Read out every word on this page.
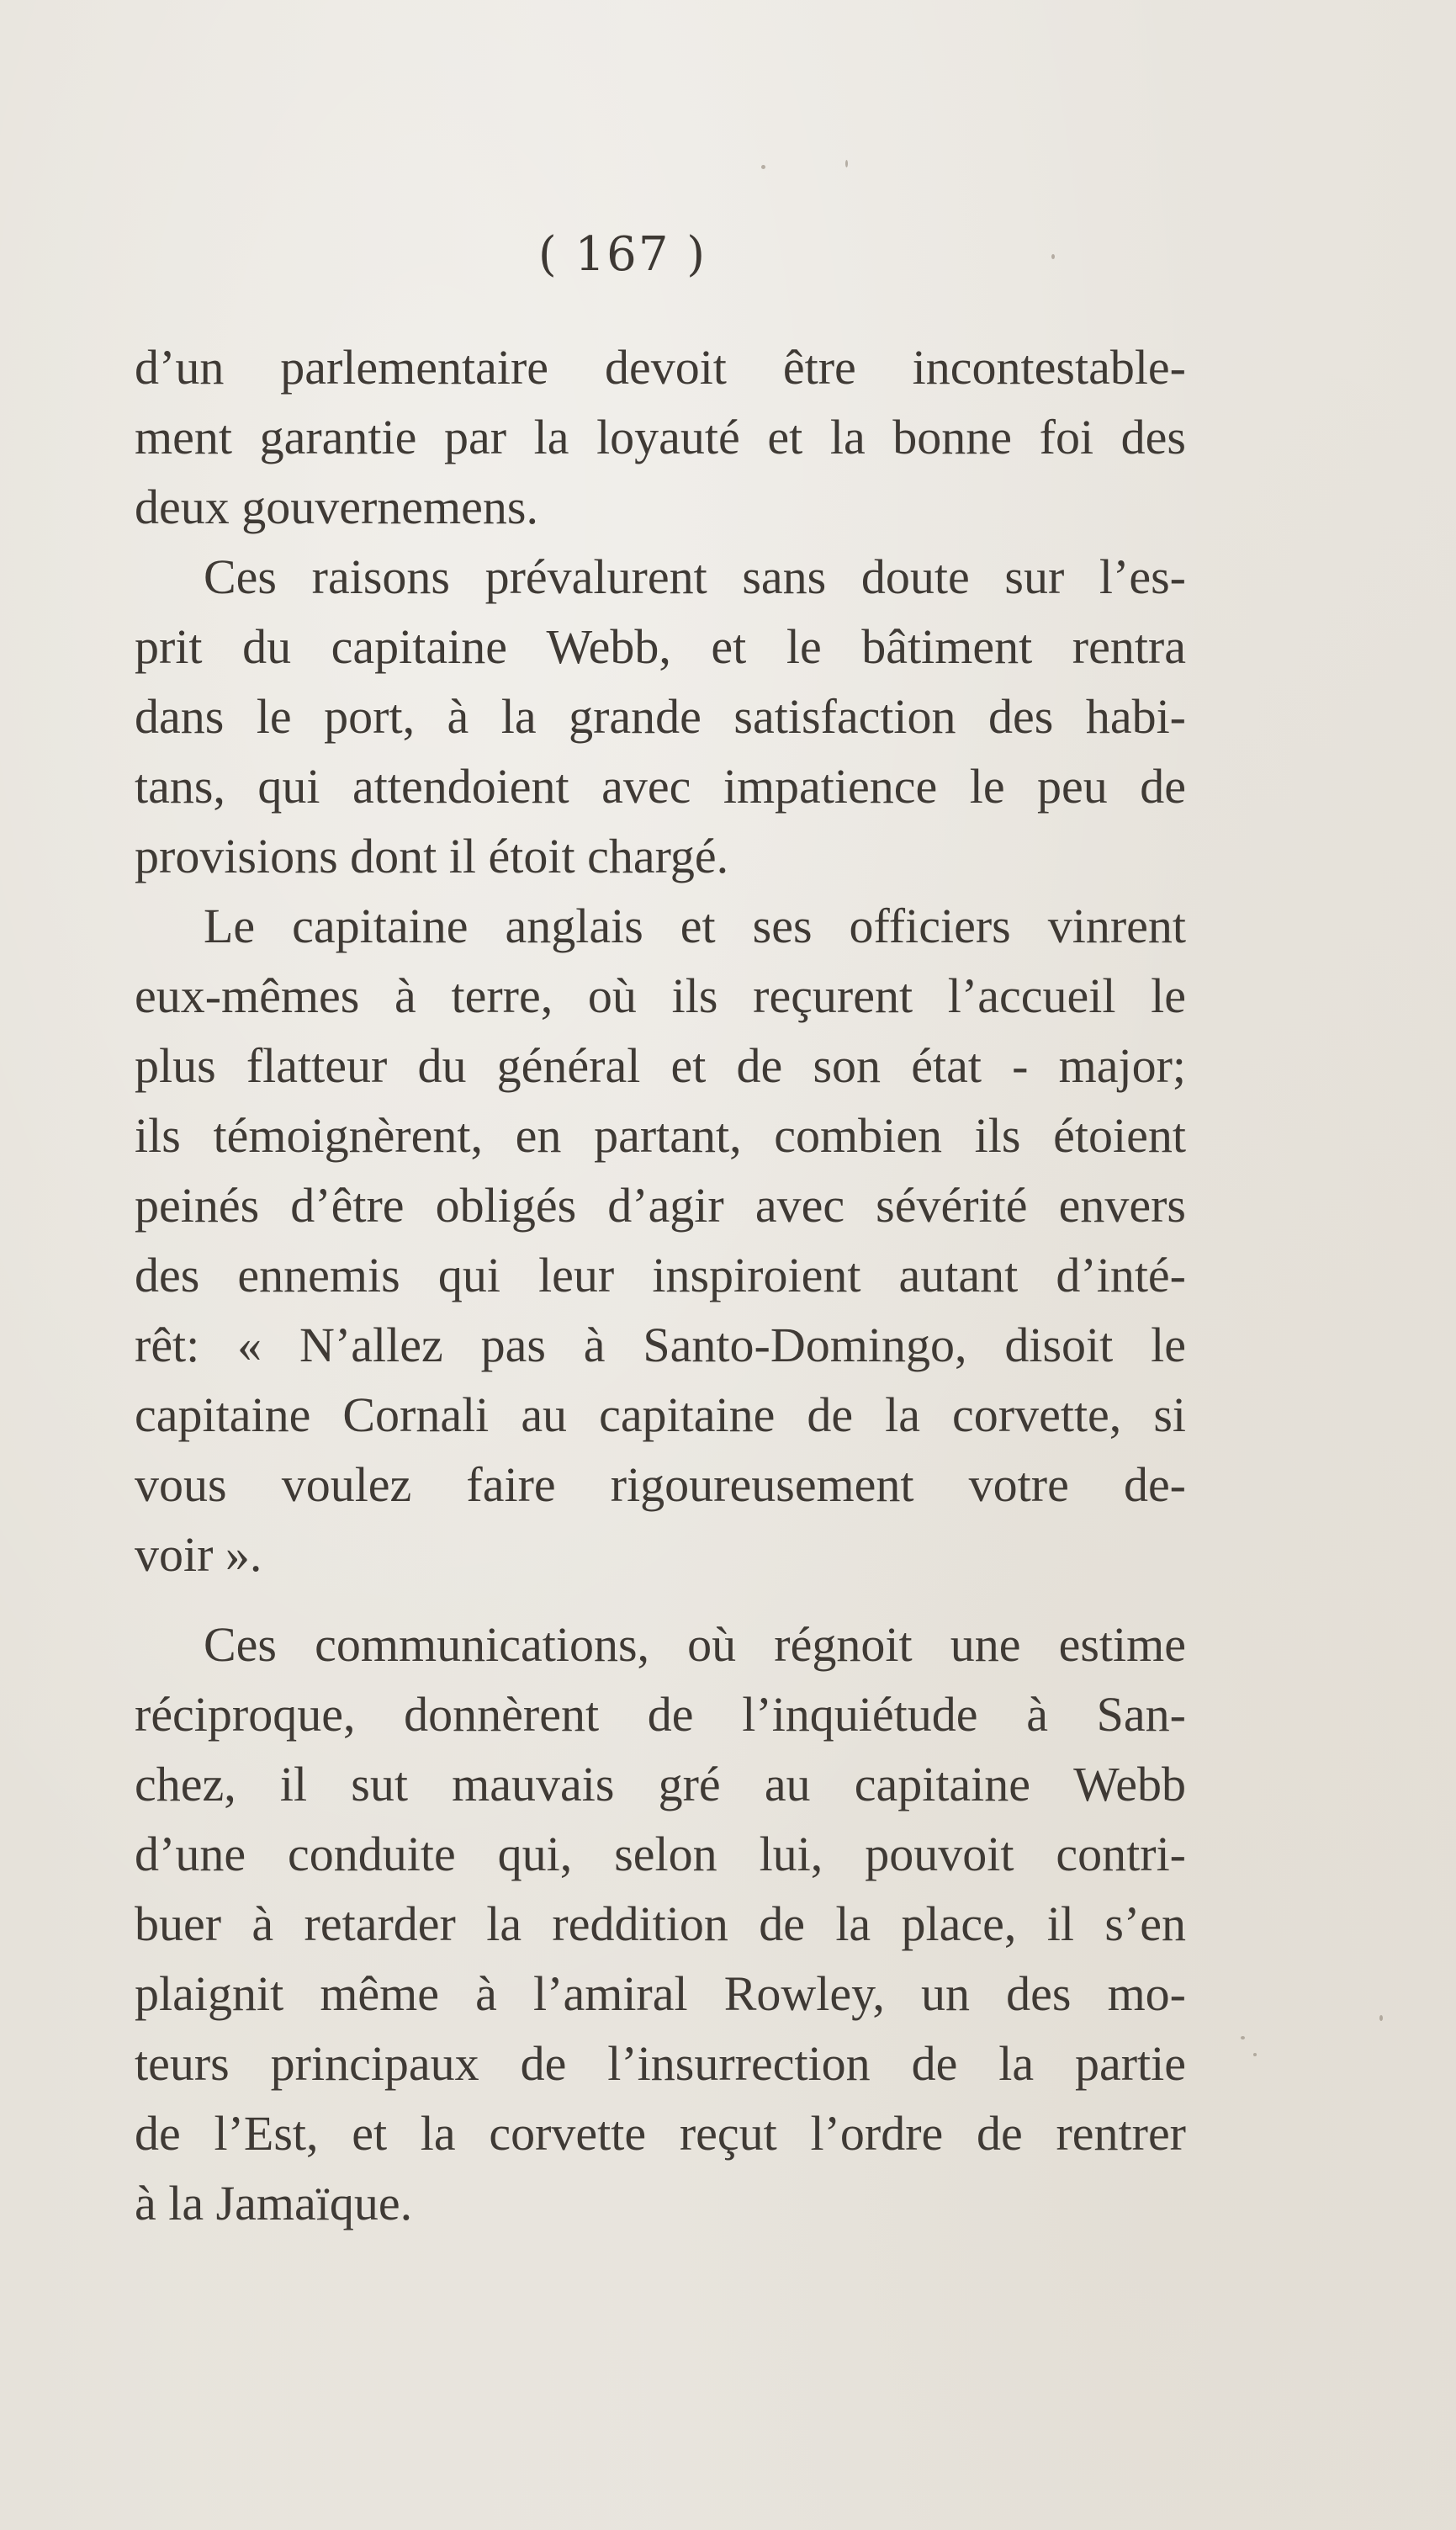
( 167 )
d’un parlementaire devoit être incontestable-
ment garantie par la loyauté et la bonne foi des
deux gouvernemens.
Ces raisons prévalurent sans doute sur l’es-
prit du capitaine Webb, et le bâtiment rentra
dans le port, à la grande satisfaction des habi-
tans, qui attendoient avec impatience le peu de
provisions dont il étoit chargé.
Le capitaine anglais et ses officiers vinrent
eux-mêmes à terre, où ils reçurent l’accueil le
plus flatteur du général et de son état - major;
ils témoignèrent, en partant, combien ils étoient
peinés d’être obligés d’agir avec sévérité envers
des ennemis qui leur inspiroient autant d’inté-
rêt: « N’allez pas à Santo-Domingo, disoit le
capitaine Cornali au capitaine de la corvette, si
vous voulez faire rigoureusement votre de-
voir ».
Ces communications, où régnoit une estime
réciproque, donnèrent de l’inquiétude à San-
chez, il sut mauvais gré au capitaine Webb
d’une conduite qui, selon lui, pouvoit contri-
buer à retarder la reddition de la place, il s’en
plaignit même à l’amiral Rowley, un des mo-
teurs principaux de l’insurrection de la partie
de l’Est, et la corvette reçut l’ordre de rentrer
à la Jamaïque.
